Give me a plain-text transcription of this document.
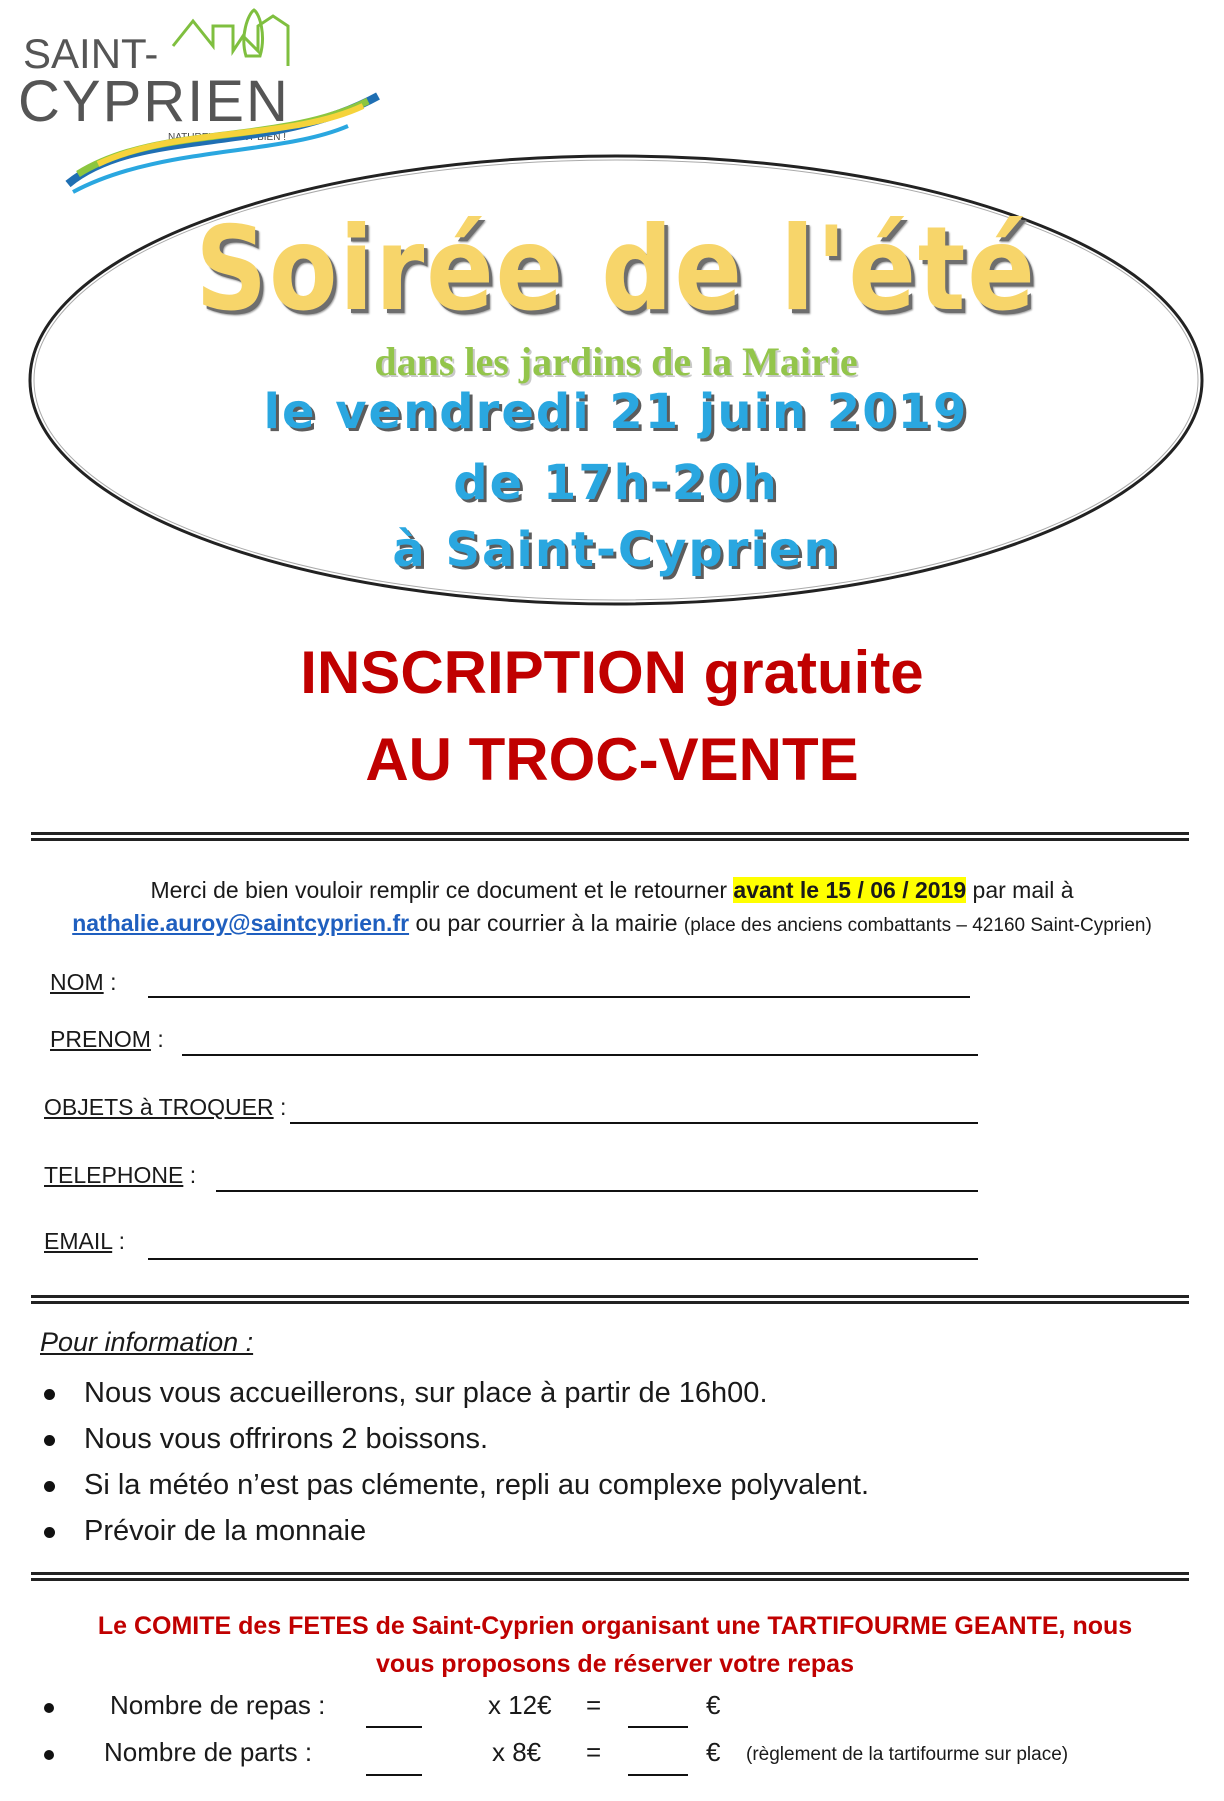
SAINT-
CYPRIEN
NATURELLEMENT BIEN !
Soirée de l'été
dans les jardins de la Mairie
le vendredi 21 juin 2019
de 17h-20h
à Saint-Cyprien
INSCRIPTION gratuite
AU TROC-VENTE
Merci de bien vouloir remplir ce document et le retourner avant le 15 / 06 / 2019 par mail à
nathalie.auroy@saintcyprien.fr ou par courrier à la mairie (place des anciens combattants – 42160 Saint-Cyprien)
NOM :
PRENOM :
OBJETS à TROQUER :
TELEPHONE :
EMAIL :
Pour information :
Nous vous accueillerons, sur place à partir de 16h00.
Nous vous offrirons 2 boissons.
Si la météo n’est pas clémente, repli au complexe polyvalent.
Prévoir de la monnaie
Le COMITE des FETES de Saint-Cyprien organisant une TARTIFOURME GEANTE, nous
vous proposons de réserver votre repas
Nombre de repas :	x 12€ =	€
Nombre de parts :	x 8€ =	€ (règlement de la tartifourme sur place)
